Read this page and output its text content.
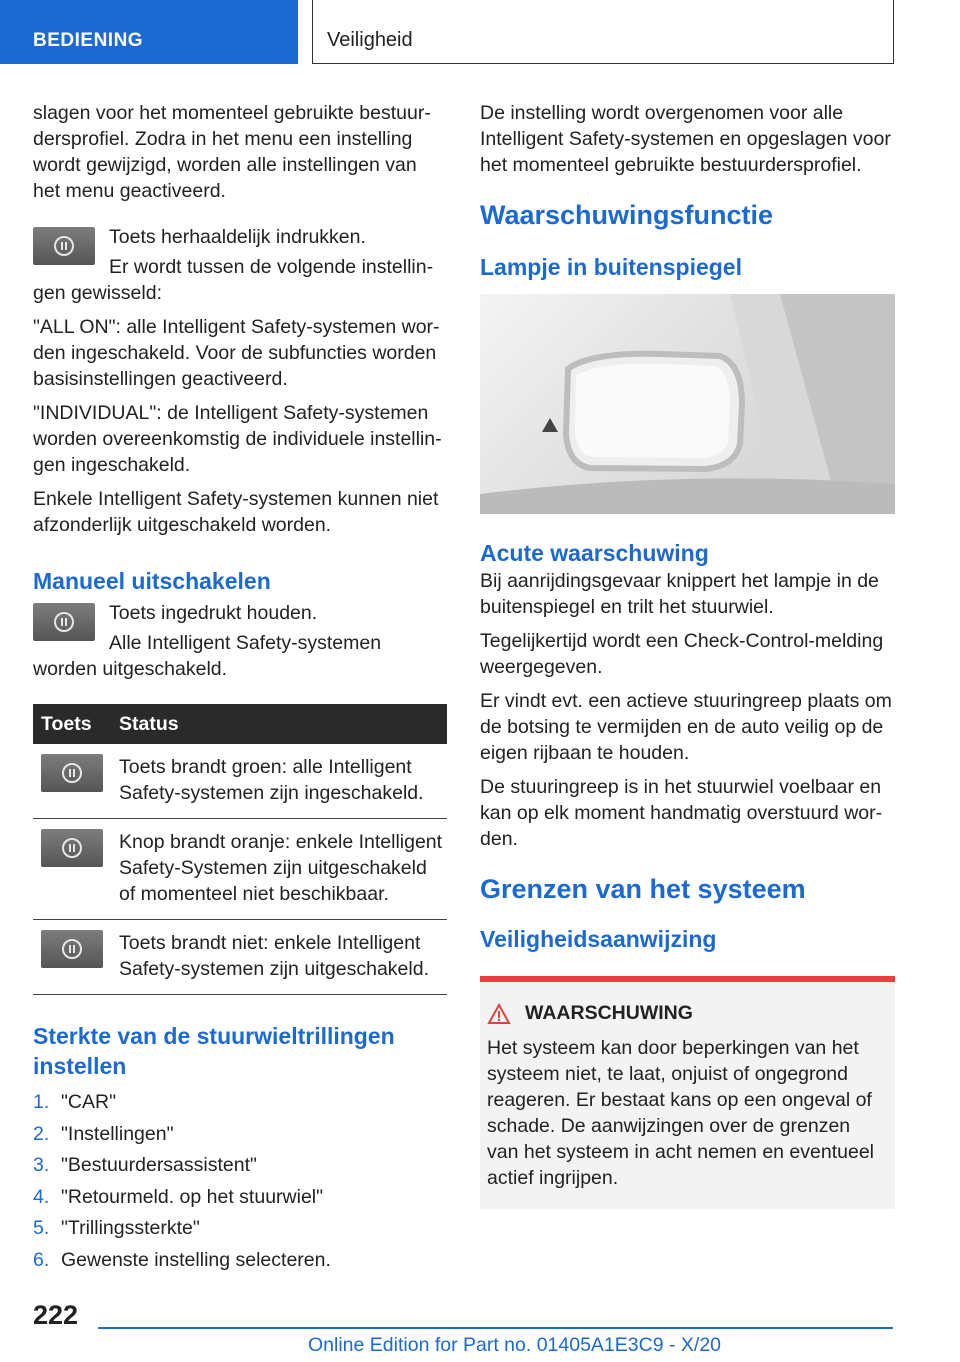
BEDIENING	Veiligheid

slagen voor het momenteel gebruikte bestuurdersprofiel. Zodra in het menu een instelling wordt gewijzigd, worden alle instellingen van het menu geactiveerd.

Toets herhaaldelijk indrukken.

Er wordt tussen de volgende instellingen gewisseld:

"ALL ON": alle Intelligent Safety-systemen worden ingeschakeld. Voor de subfuncties worden basisinstellingen geactiveerd.

"INDIVIDUAL": de Intelligent Safety-systemen worden overeenkomstig de individuele instellingen ingeschakeld.

Enkele Intelligent Safety-systemen kunnen niet afzonderlijk uitgeschakeld worden.

Manueel uitschakelen

Toets ingedrukt houden.

Alle Intelligent Safety-systemen worden uitgeschakeld.

Toets	Status

	Toets brandt groen: alle Intelligent Safety-systemen zijn ingeschakeld.

	Knop brandt oranje: enkele Intelligent Safety-Systemen zijn uitgeschakeld of momenteel niet beschikbaar.

	Toets brandt niet: enkele Intelligent Safety-systemen zijn uitgeschakeld.
Sterkte van de stuurwieltrillingen instellen
1. "CAR"
2. "Instellingen"
3. "Bestuurdersassistent"
4. "Retourmeld. op het stuurwiel"
5. "Trillingssterkte"
6. Gewenste instelling selecteren.

De instelling wordt overgenomen voor alle Intelligent Safety-systemen en opgeslagen voor het momenteel gebruikte bestuurdersprofiel.

Waarschuwingsfunctie
Lampje in buitenspiegel
Acute waarschuwing

Bij aanrijdingsgevaar knippert het lampje in de buitenspiegel en trilt het stuurwiel.

Tegelijkertijd wordt een Check-Control-melding weergegeven.

Er vindt evt. een actieve stuuringreep plaats om de botsing te vermijden en de auto veilig op de eigen rijbaan te houden.

De stuuringreep is in het stuurwiel voelbaar en kan op elk moment handmatig overstuurd worden.

Grenzen van het systeem
Veiligheidsaanwijzing
WAARSCHUWING

Het systeem kan door beperkingen van het systeem niet, te laat, onjuist of ongegrond reageren. Er bestaat kans op een ongeval of schade. De aanwijzingen over de grenzen van het systeem in acht nemen en eventueel actief ingrijpen.

222
Online Edition for Part no. 01405A1E3C9 - X/20
